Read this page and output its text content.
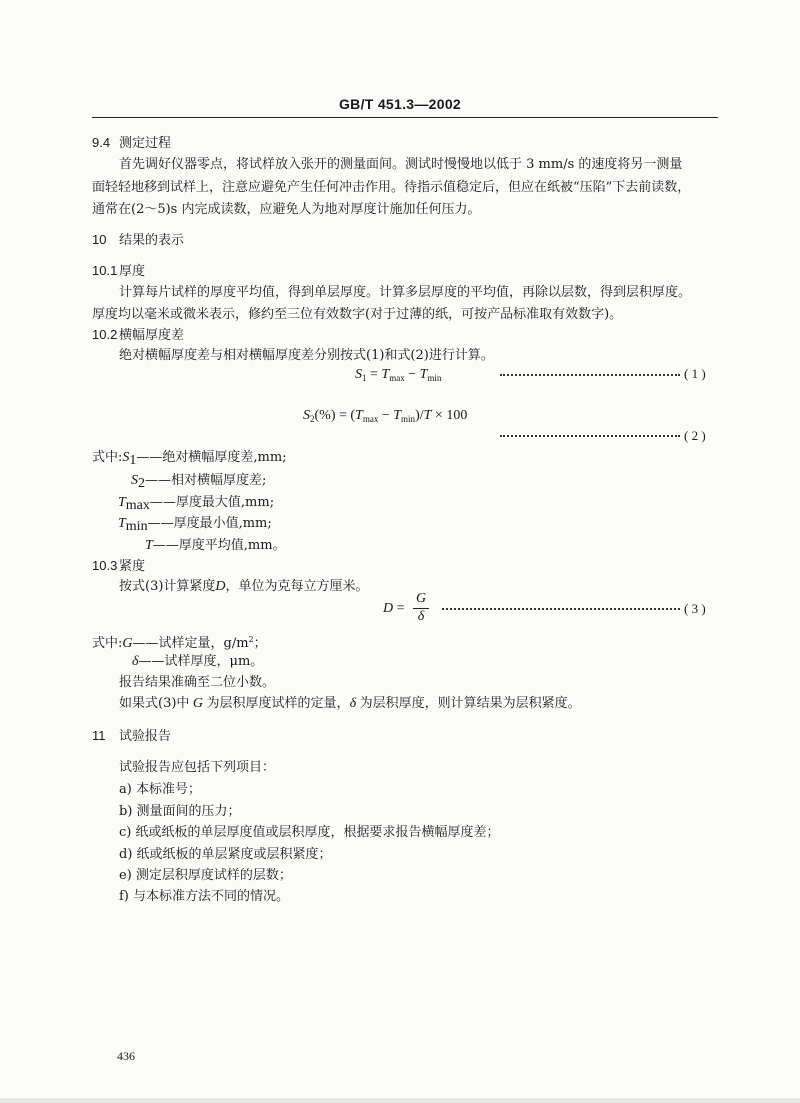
GB/T 451.3—2002
9.4 测定过程
首先调好仪器零点，将试样放入张开的测量面间。测试时慢慢地以低于 3 mm/s 的速度将另一测量
面轻轻地移到试样上，注意应避免产生任何冲击作用。待指示值稳定后，但应在纸被“压陷”下去前读数，
通常在(2～5)s 内完成读数，应避免人为地对厚度计施加任何压力。
10 结果的表示
10.1 厚度
计算每片试样的厚度平均值，得到单层厚度。计算多层厚度的平均值，再除以层数，得到层积厚度。
厚度均以毫米或微米表示，修约至三位有效数字(对于过薄的纸，可按产品标准取有效数字)。
10.2 横幅厚度差
绝对横幅厚度差与相对横幅厚度差分别按式(1)和式(2)进行计算。
$S_1 = T_{max} - T_{min}$	( 1 )
$S_2(\%) = (T_{max} - T_{min})/T \times 100$
( 2 )
式中$:S_1——$绝对横幅厚度差,mm;
$S_2——$相对横幅厚度差;
$T_{max}——$厚度最大值,mm;
$T_{min}——$厚度最小值,mm;
T——厚度平均值,mm。
10.3 紧度
按式(3)计算紧度D，单位为克每立方厘米。
D =
G
δ
( 3 )
式中:G——试样定量，$g/m^2$；
δ——试样厚度，μm。
报告结果准确至二位小数。
如果式(3)中 G 为层积厚度试样的定量，δ 为层积厚度，则计算结果为层积紧度。
11 试验报告
试验报告应包括下列项目：
a) 本标准号；
b) 测量面间的压力；
c) 纸或纸板的单层厚度值或层积厚度，根据要求报告横幅厚度差；
d) 纸或纸板的单层紧度或层积紧度；
e) 测定层积厚度试样的层数；
f) 与本标准方法不同的情况。
436
